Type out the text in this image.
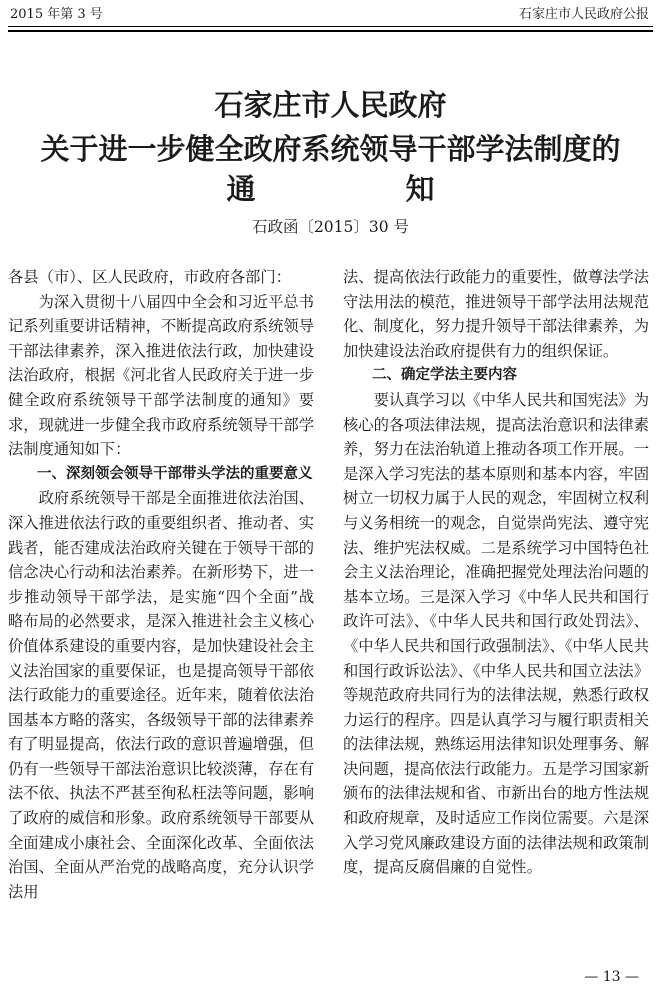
2015 年第 3 号	石家庄市人民政府公报
石家庄市人民政府
关于进一步健全政府系统领导干部学法制度的
通	知
石政函〔2015〕30 号

各县（市）、区人民政府，市政府各部门：

为深入贯彻十八届四中全会和习近平总书记系列重要讲话精神，不断提高政府系统领导干部法律素养，深入推进依法行政，加快建设法治政府，根据《河北省人民政府关于进一步健全政府系统领导干部学法制度的通知》要求，现就进一步健全我市政府系统领导干部学法制度通知如下：

一、深刻领会领导干部带头学法的重要意义

政府系统领导干部是全面推进依法治国、深入推进依法行政的重要组织者、推动者、实践者，能否建成法治政府关键在于领导干部的信念决心行动和法治素养。在新形势下，进一步推动领导干部学法，是实施“四个全面”战略布局的必然要求，是深入推进社会主义核心价值体系建设的重要内容，是加快建设社会主义法治国家的重要保证，也是提高领导干部依法行政能力的重要途径。近年来，随着依法治国基本方略的落实，各级领导干部的法律素养有了明显提高，依法行政的意识普遍增强，但仍有一些领导干部法治意识比较淡薄，存在有法不依、执法不严甚至徇私枉法等问题，影响了政府的威信和形象。政府系统领导干部要从全面建成小康社会、全面深化改革、全面依法治国、全面从严治党的战略高度，充分认识学法用

法、提高依法行政能力的重要性，做尊法学法守法用法的模范，推进领导干部学法用法规范化、制度化，努力提升领导干部法律素养，为加快建设法治政府提供有力的组织保证。

二、确定学法主要内容

要认真学习以《中华人民共和国宪法》为核心的各项法律法规，提高法治意识和法律素养，努力在法治轨道上推动各项工作开展。一是深入学习宪法的基本原则和基本内容，牢固树立一切权力属于人民的观念，牢固树立权利与义务相统一的观念，自觉崇尚宪法、遵守宪法、维护宪法权威。二是系统学习中国特色社会主义法治理论，准确把握党处理法治问题的基本立场。三是深入学习《中华人民共和国行政许可法》、《中华人民共和国行政处罚法》、《中华人民共和国行政强制法》、《中华人民共和国行政诉讼法》、《中华人民共和国立法法》等规范政府共同行为的法律法规，熟悉行政权力运行的程序。四是认真学习与履行职责相关的法律法规，熟练运用法律知识处理事务、解决问题，提高依法行政能力。五是学习国家新颁布的法律法规和省、市新出台的地方性法规和政府规章，及时适应工作岗位需要。六是深入学习党风廉政建设方面的法律法规和政策制度，提高反腐倡廉的自觉性。

— 13 —
